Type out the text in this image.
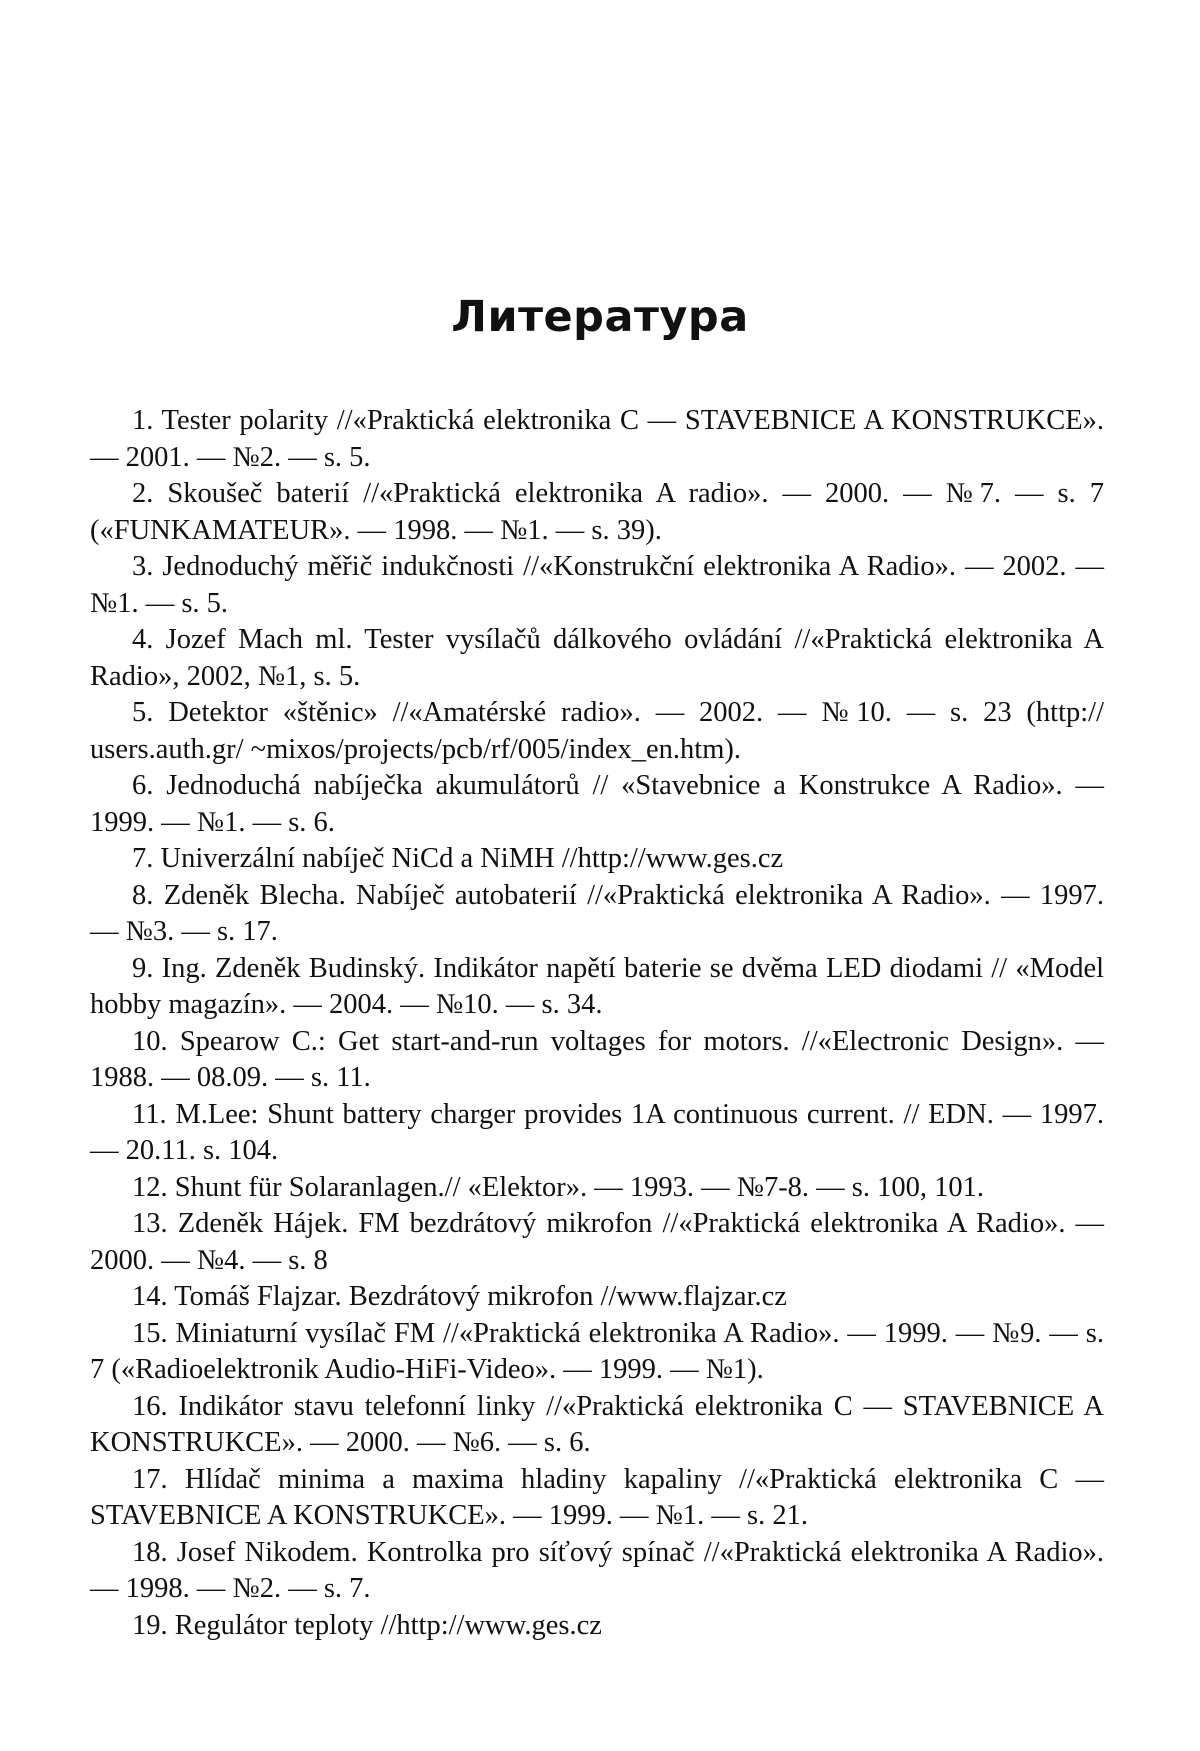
Литература
1. Tester polarity //«Praktická elektronika C — STAVEBNICE A KONSTRUKCE». — 2001. — №2. — s. 5.
2. Skoušeč baterií //«Praktická elektronika A radio». — 2000. — №7. — s. 7 («FUNKAMATEUR». — 1998. — №1. — s. 39).
3. Jednoduchý měřič indukčnosti //«Konstrukční elektronika A Radio». — 2002. — №1. — s. 5.
4. Jozef Mach ml. Tester vysílačů dálkového ovládání //«Praktická elektronika A Radio», 2002, №1, s. 5.
5. Detektor «štěnic» //«Amatérské radio». — 2002. — №10. — s. 23 (http:// users.auth.gr/ ~mixos/projects/pcb/rf/005/index_en.htm).
6. Jednoduchá nabíječka akumulátorů // «Stavebnice a Konstrukce A Radio». — 1999. — №1. — s. 6.
7. Univerzální nabíječ NiCd a NiMH //http://www.ges.cz
8. Zdeněk Blecha. Nabíječ autobaterií //«Praktická elektronika A Radio». — 1997. — №3. — s. 17.
9. Ing. Zdeněk Budinský. Indikátor napětí baterie se dvěma LED diodami // «Model hobby magazín». — 2004. — №10. — s. 34.
10. Spearow C.: Get start-and-run voltages for motors. //«Electronic Design». — 1988. — 08.09. — s. 11.
11. M.Lee: Shunt battery charger provides 1A continuous current. // EDN. — 1997. — 20.11. s. 104.
12. Shunt für Solaranlagen.// «Elektor». — 1993. — №7-8. — s. 100, 101.
13. Zdeněk Hájek. FM bezdrátový mikrofon //«Praktická elektronika A Radio». — 2000. — №4. — s. 8
14. Tomáš Flajzar. Bezdrátový mikrofon //www.flajzar.cz
15. Miniaturní vysílač FM //«Praktická elektronika A Radio». — 1999. — №9. — s. 7 («Radioelektronik Audio-HiFi-Video». — 1999. — №1).
16. Indikátor stavu telefonní linky //«Praktická elektronika C — STAVEBNICE A KONSTRUKCE». — 2000. — №6. — s. 6.
17. Hlídač minima a maxima hladiny kapaliny //«Praktická elektronika C — STAVEBNICE A KONSTRUKCE». — 1999. — №1. — s. 21.
18. Josef Nikodem. Kontrolka pro síťový spínač //«Praktická elektronika A Radio». — 1998. — №2. — s. 7.
19. Regulátor teploty //http://www.ges.cz
